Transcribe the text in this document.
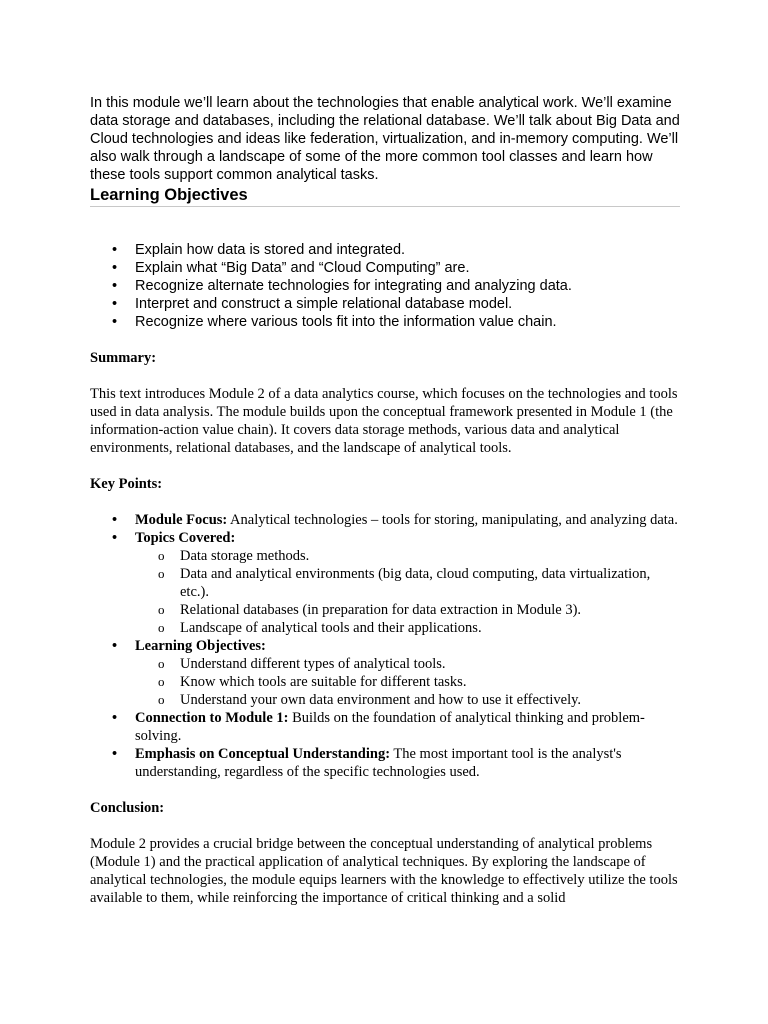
In this module we’ll learn about the technologies that enable analytical work. We’ll examine data storage and databases, including the relational database. We’ll talk about Big Data and Cloud technologies and ideas like federation, virtualization, and in-memory computing. We’ll also walk through a landscape of some of the more common tool classes and learn how these tools support common analytical tasks.

Learning Objectives
• Explain how data is stored and integrated.
• Explain what “Big Data” and “Cloud Computing” are.
• Recognize alternate technologies for integrating and analyzing data.
• Interpret and construct a simple relational database model.
• Recognize where various tools fit into the information value chain.

Summary:

This text introduces Module 2 of a data analytics course, which focuses on the technologies and tools used in data analysis. The module builds upon the conceptual framework presented in Module 1 (the information-action value chain). It covers data storage methods, various data and analytical environments, relational databases, and the landscape of analytical tools.

Key Points:

• Module Focus: Analytical technologies – tools for storing, manipulating, and analyzing data.
• Topics Covered:
o Data storage methods.
o Data and analytical environments (big data, cloud computing, data virtualization, etc.).
o Relational databases (in preparation for data extraction in Module 3).
o Landscape of analytical tools and their applications.
• Learning Objectives:
o Understand different types of analytical tools.
o Know which tools are suitable for different tasks.
o Understand your own data environment and how to use it effectively.
• Connection to Module 1: Builds on the foundation of analytical thinking and problem-solving.
• Emphasis on Conceptual Understanding: The most important tool is the analyst's understanding, regardless of the specific technologies used.

Conclusion:

Module 2 provides a crucial bridge between the conceptual understanding of analytical problems (Module 1) and the practical application of analytical techniques. By exploring the landscape of analytical technologies, the module equips learners with the knowledge to effectively utilize the tools available to them, while reinforcing the importance of critical thinking and a solid
